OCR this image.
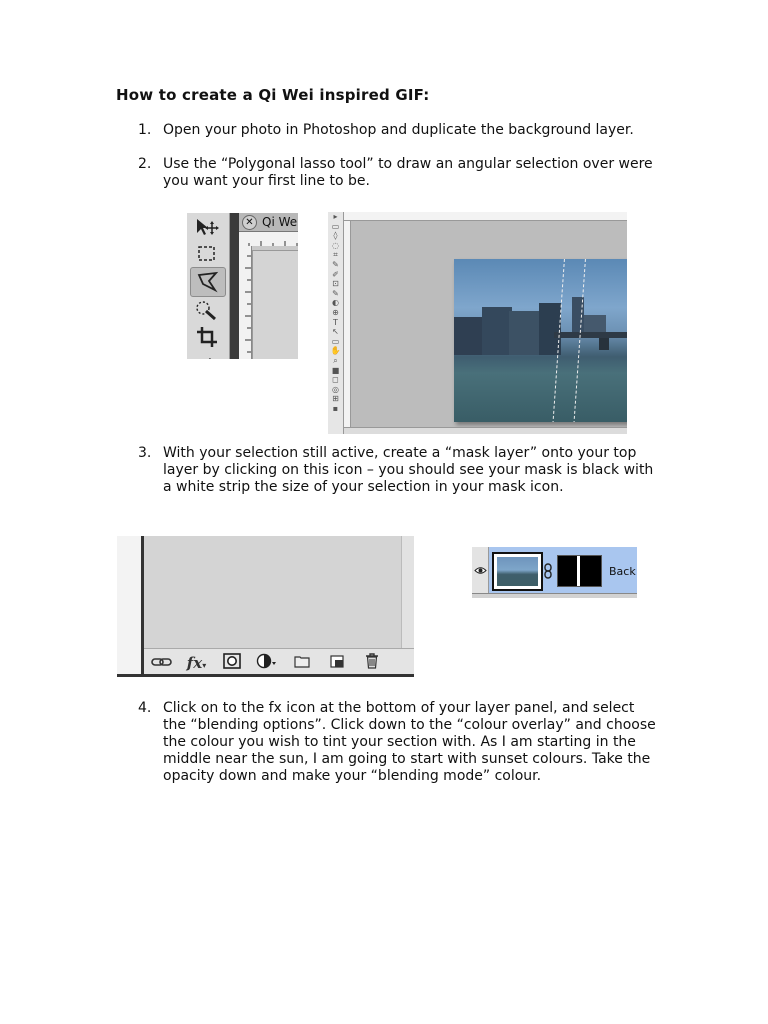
How to create a Qi Wei inspired GIF:
1. Open your photo in Photoshop and duplicate the background layer.
2. Use the “Polygonal lasso tool” to draw an angular selection over were you want your first line to be.
✕ Qi We	▸
▭
◊
◌
⌗
✎
✐
⊡
✎
◐
⊕
T
↖
▭
✋
⌕
■
◻
◎
⊞
▪
3. With your selection still active, create a “mask layer” onto your top layer by clicking on this icon – you should see your mask is black with a white strip the size of your selection in your mask icon.
fx▾
Back
4. Click on to the fx icon at the bottom of your layer panel, and select the “blending options”. Click down to the “colour overlay” and choose the colour you wish to tint your section with. As I am starting in the middle near the sun, I am going to start with sunset colours. Take the opacity down and make your “blending mode” colour.
